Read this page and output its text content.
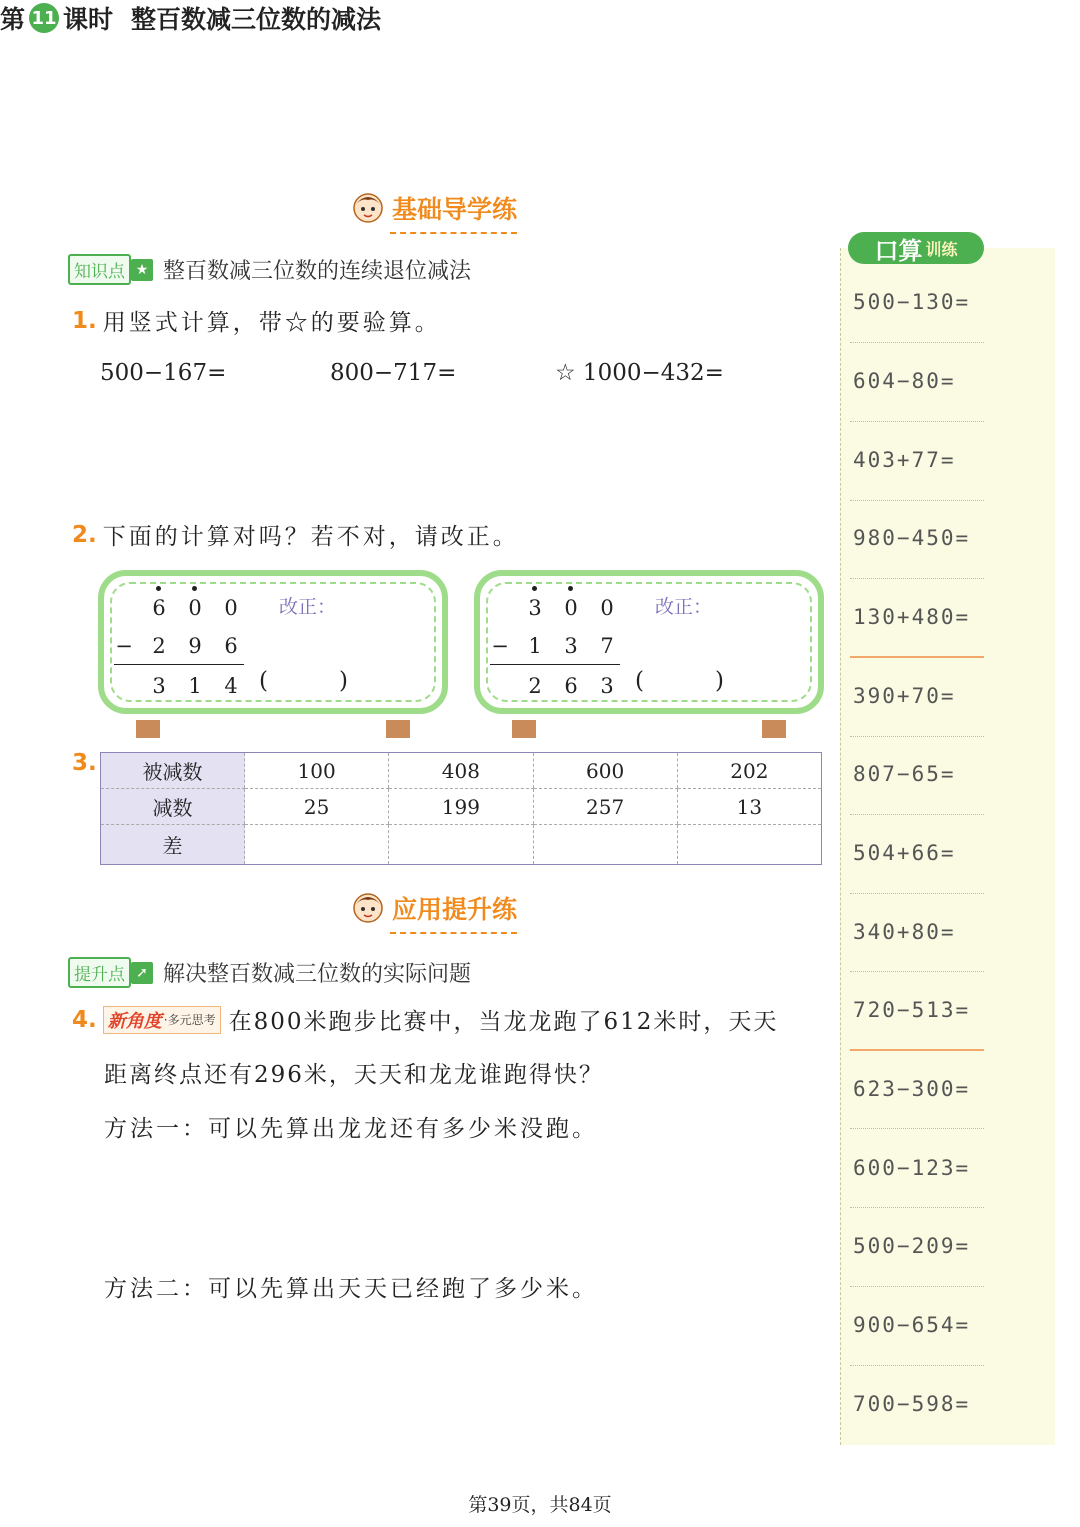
第 11 课时 整百数减三位数的减法
基础导学练
知识点 ★ 整百数减三位数的连续退位减法
1. 用竖式计算，带☆的要验算。
500−167=	800−717=	☆ 1000−432=
2. 下面的计算对吗？若不对，请改正。
6 0 0
− 2 9 6
3 1 4 (	)
改正：	3 0 0
− 1 3 7
2 6 3 (	)
改正：
3. 被减数	100	408	600	202
减数	25	199	257	13
差				
应用提升练
提升点 ➚ 解决整百数减三位数的实际问题
4. 新角度 ·多元思考 在800米跑步比赛中，当龙龙跑了612米时，天天
距离终点还有296米，天天和龙龙谁跑得快？
方法一：可以先算出龙龙还有多少米没跑。
方法二：可以先算出天天已经跑了多少米。
口算 训练
500−130=
604−80=
403+77=
980−450=
130+480=
390+70=
807−65=
504+66=
340+80=
720−513=
623−300=
600−123=
500−209=
900−654=
700−598=
第39页，共84页
